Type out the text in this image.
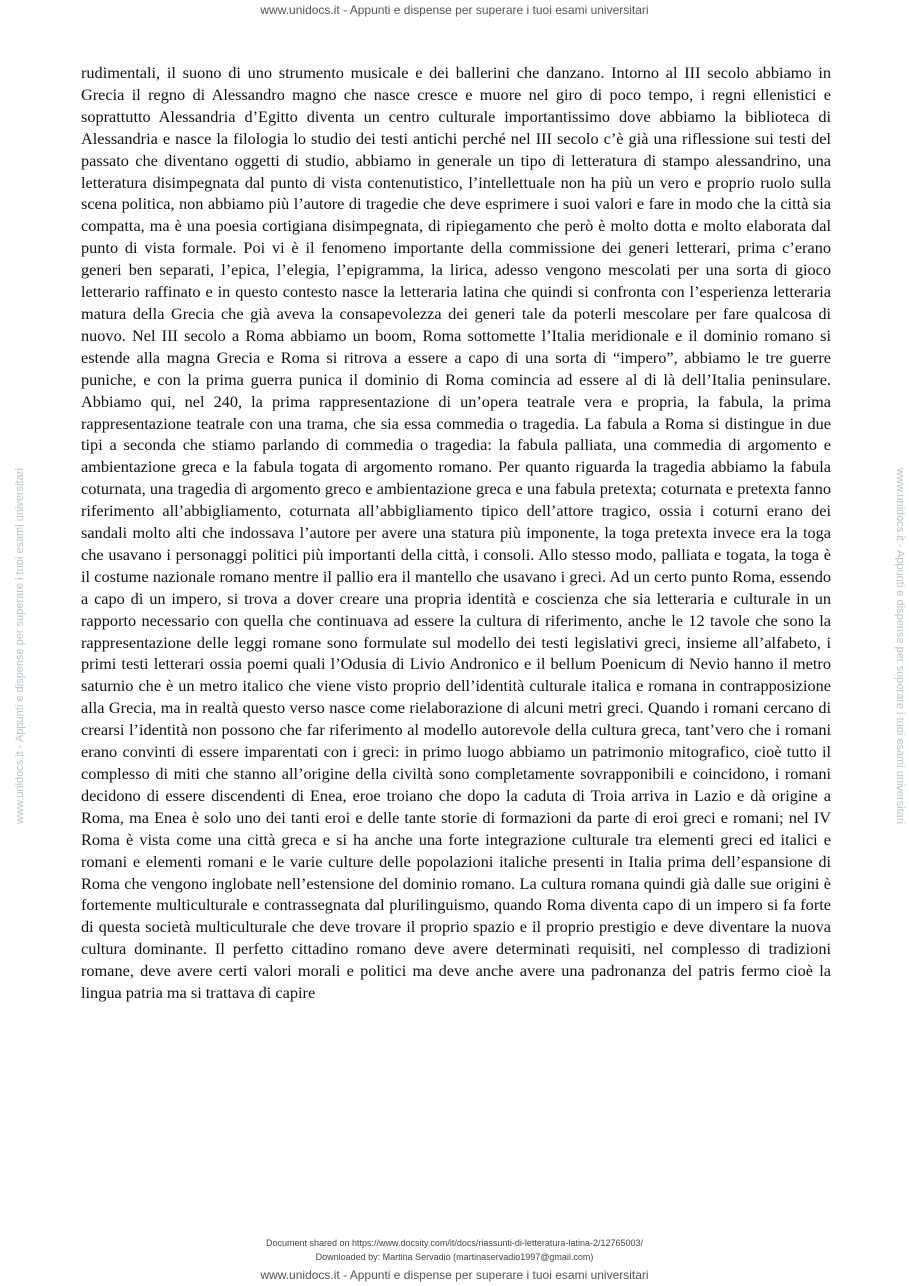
www.unidocs.it - Appunti e dispense per superare i tuoi esami universitari
www.unidocs.it - Appunti e dispense per superare i tuoi esami universitari	www.unidocs.it - Appunti e dispense per superare i tuoi esami universitari

rudimentali, il suono di uno strumento musicale e dei ballerini che danzano. Intorno al III secolo abbiamo in Grecia il regno di Alessandro magno che nasce cresce e muore nel giro di poco tempo, i regni ellenistici e soprattutto Alessandria d’Egitto diventa un centro culturale importantissimo dove abbiamo la biblioteca di Alessandria e nasce la filologia lo studio dei testi antichi perché nel III secolo c’è già una riflessione sui testi del passato che diventano oggetti di studio, abbiamo in generale un tipo di letteratura di stampo alessandrino, una letteratura disimpegnata dal punto di vista contenutistico, l’intellettuale non ha più un vero e proprio ruolo sulla scena politica, non abbiamo più l’autore di tragedie che deve esprimere i suoi valori e fare in modo che la città sia compatta, ma è una poesia cortigiana disimpegnata, di ripiegamento che però è molto dotta e molto elaborata dal punto di vista formale. Poi vi è il fenomeno importante della commissione dei generi letterari, prima c’erano generi ben separati, l’epica, l’elegia, l’epigramma, la lirica, adesso vengono mescolati per una sorta di gioco letterario raffinato e in questo contesto nasce la letteraria latina che quindi si confronta con l’esperienza letteraria matura della Grecia che già aveva la consapevolezza dei generi tale da poterli mescolare per fare qualcosa di nuovo. Nel III secolo a Roma abbiamo un boom, Roma sottomette l’Italia meridionale e il dominio romano si estende alla magna Grecia e Roma si ritrova a essere a capo di una sorta di “impero”, abbiamo le tre guerre puniche, e con la prima guerra punica il dominio di Roma comincia ad essere al di là dell’Italia peninsulare. Abbiamo qui, nel 240, la prima rappresentazione di un’opera teatrale vera e propria, la fabula, la prima rappresentazione teatrale con una trama, che sia essa commedia o tragedia. La fabula a Roma si distingue in due tipi a seconda che stiamo parlando di commedia o tragedia: la fabula palliata, una commedia di argomento e ambientazione greca e la fabula togata di argomento romano. Per quanto riguarda la tragedia abbiamo la fabula coturnata, una tragedia di argomento greco e ambientazione greca e una fabula pretexta; coturnata e pretexta fanno riferimento all’abbigliamento, coturnata all’abbigliamento tipico dell’attore tragico, ossia i coturni erano dei sandali molto alti che indossava l’autore per avere una statura più imponente, la toga pretexta invece era la toga che usavano i personaggi politici più importanti della città, i consoli. Allo stesso modo, palliata e togata, la toga è il costume nazionale romano mentre il pallio era il mantello che usavano i greci. Ad un certo punto Roma, essendo a capo di un impero, si trova a dover creare una propria identità e coscienza che sia letteraria e culturale in un rapporto necessario con quella che continuava ad essere la cultura di riferimento, anche le 12 tavole che sono la rappresentazione delle leggi romane sono formulate sul modello dei testi legislativi greci, insieme all’alfabeto, i primi testi letterari ossia poemi quali l’Odusia di Livio Andronico e il bellum Poenicum di Nevio hanno il metro saturnio che è un metro italico che viene visto proprio dell’identità culturale italica e romana in contrapposizione alla Grecia, ma in realtà questo verso nasce come rielaborazione di alcuni metri greci. Quando i romani cercano di crearsi l’identità non possono che far riferimento al modello autorevole della cultura greca, tant’vero che i romani erano convinti di essere imparentati con i greci: in primo luogo abbiamo un patrimonio mitografico, cioè tutto il complesso di miti che stanno all’origine della civiltà sono completamente sovrapponibili e coincidono, i romani decidono di essere discendenti di Enea, eroe troiano che dopo la caduta di Troia arriva in Lazio e dà origine a Roma, ma Enea è solo uno dei tanti eroi e delle tante storie di formazioni da parte di eroi greci e romani; nel IV Roma è vista come una città greca e si ha anche una forte integrazione culturale tra elementi greci ed italici e romani e elementi romani e le varie culture delle popolazioni italiche presenti in Italia prima dell’espansione di Roma che vengono inglobate nell’estensione del dominio romano. La cultura romana quindi già dalle sue origini è fortemente multiculturale e contrassegnata dal plurilinguismo, quando Roma diventa capo di un impero si fa forte di questa società multiculturale che deve trovare il proprio spazio e il proprio prestigio e deve diventare la nuova cultura dominante. Il perfetto cittadino romano deve avere determinati requisiti, nel complesso di tradizioni romane, deve avere certi valori morali e politici ma deve anche avere una padronanza del patris fermo cioè la lingua patria ma si trattava di capire

Document shared on https://www.docsity.com/it/docs/riassunti-di-letteratura-latina-2/12765003/
Downloaded by: Martina Servadio (martinaservadio1997@gmail.com)
www.unidocs.it - Appunti e dispense per superare i tuoi esami universitari
